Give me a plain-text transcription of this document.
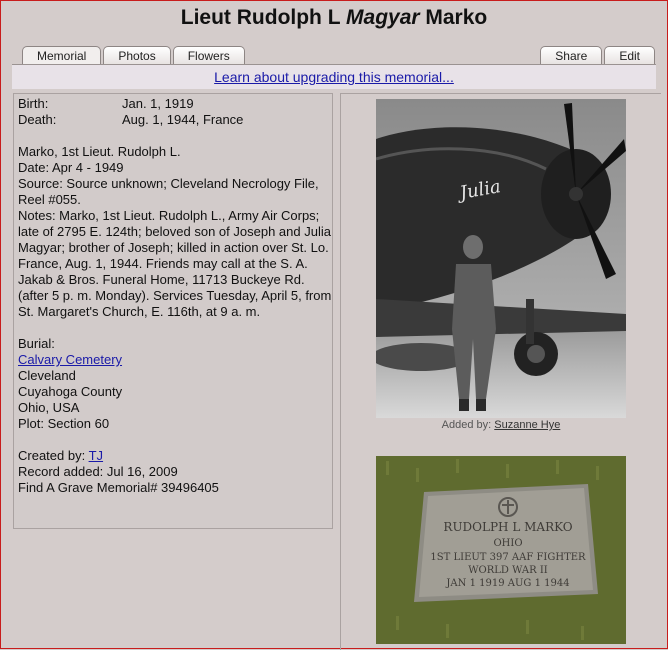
Lieut Rudolph L Magyar Marko
Memorial	Photos	Flowers	Share	Edit
Learn about upgrading this memorial...
Birth:	Jan. 1, 1919
Death:	Aug. 1, 1944, France
Marko, 1st Lieut. Rudolph L.
Date: Apr 4 - 1949
Source: Source unknown; Cleveland Necrology File, Reel #055.
Notes: Marko, 1st Lieut. Rudolph L., Army Air Corps; late of 2795 E. 124th; beloved son of Joseph and Julia Magyar; brother of Joseph; killed in action over St. Lo. France, Aug. 1, 1944. Friends may call at the S. A. Jakab & Bros. Funeral Home, 11713 Buckeye Rd. (after 5 p. m. Monday). Services Tuesday, April 5, from St. Margaret's Church, E. 116th, at 9 a. m.
Burial:
Calvary Cemetery
Cleveland
Cuyahoga County
Ohio, USA
Plot: Section 60
Created by: TJ
Record added: Jul 16, 2009
Find A Grave Memorial# 39496405
Julia
Added by: Suzanne Hye
RUDOLPH L MARKO
OHIO
1ST LIEUT 397 AAF FIGHTER
WORLD WAR II
JAN 1 1919 AUG 1 1944
